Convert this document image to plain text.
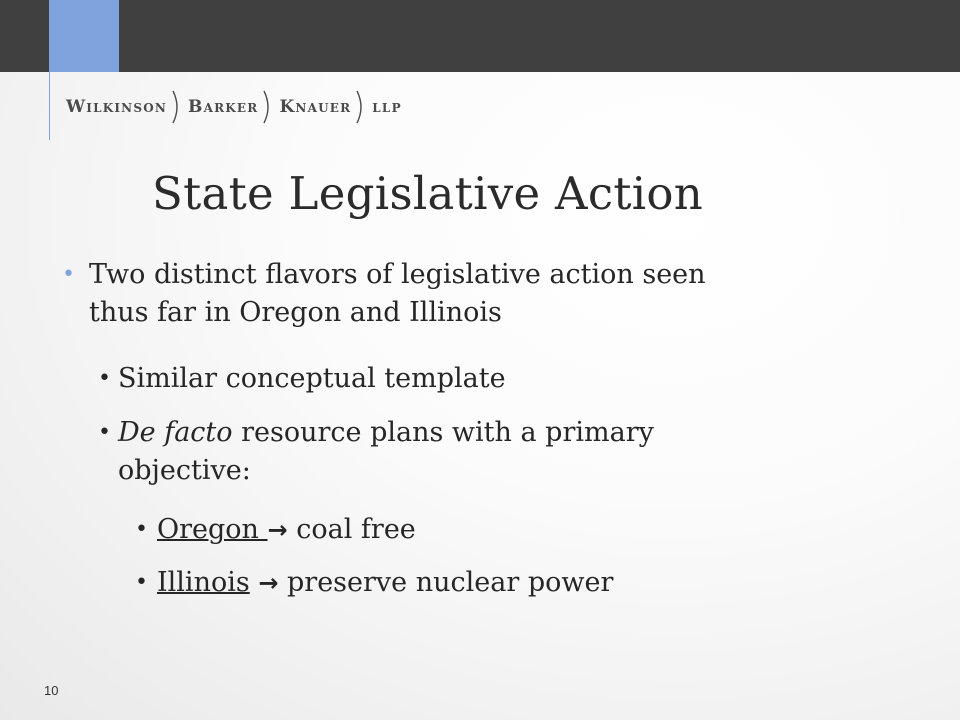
Wilkinson Barker Knauer llp
State Legislative Action
• Two distinct flavors of legislative action seen
thus far in Oregon and Illinois
• Similar conceptual template
• De facto resource plans with a primary
objective:
• Oregon → coal free
• Illinois → preserve nuclear power
10
